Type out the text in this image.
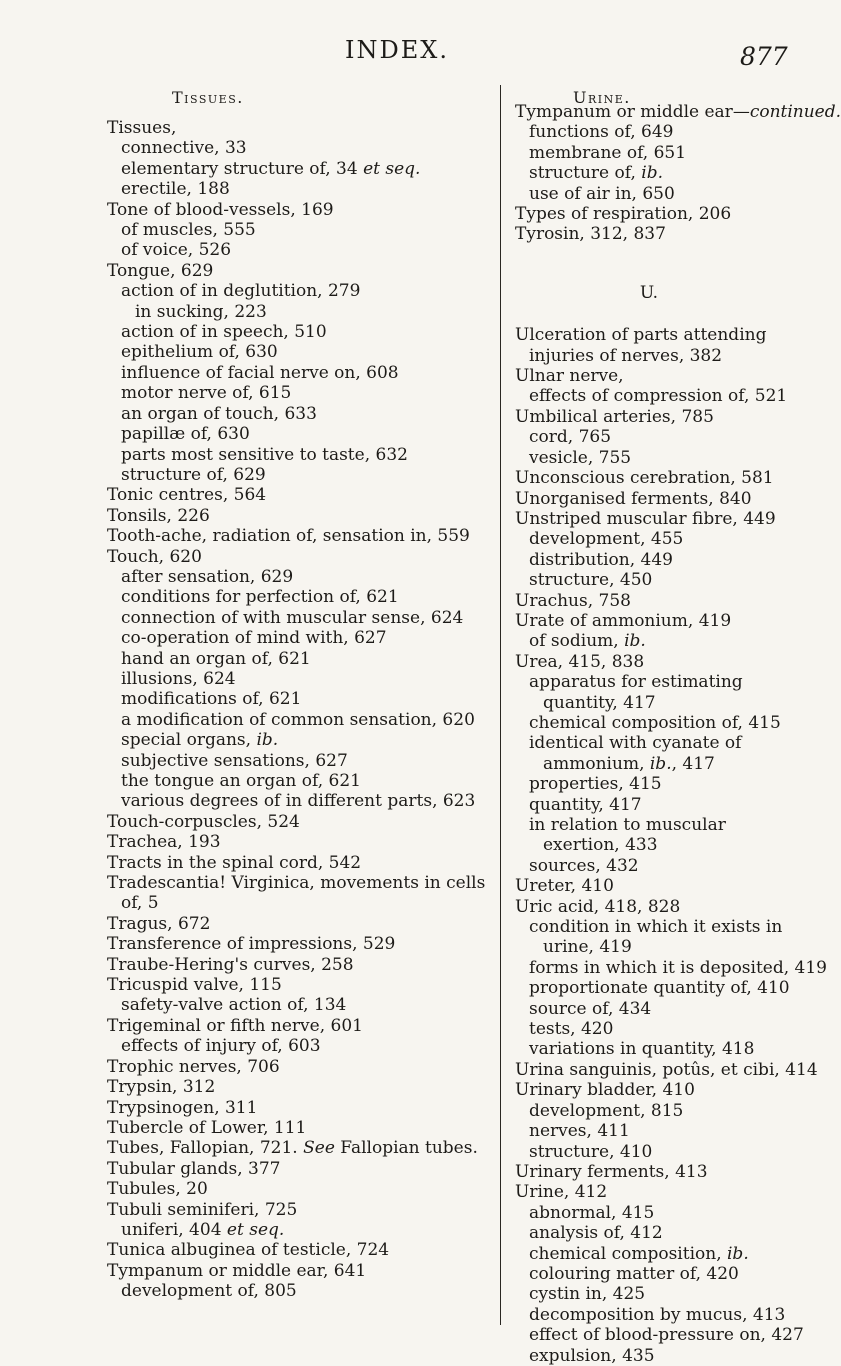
INDEX.	877
Tissues.	Urine.

Tissues,

connective, 33

elementary structure of, 34 et seq.

erectile, 188

Tone of blood-vessels, 169

of muscles, 555

of voice, 526

Tongue, 629

action of in deglutition, 279

in sucking, 223

action of in speech, 510

epithelium of, 630

influence of facial nerve on, 608

motor nerve of, 615

an organ of touch, 633

papillæ of, 630

parts most sensitive to taste, 632

structure of, 629

Tonic centres, 564

Tonsils, 226

Tooth-ache, radiation of, sensation in, 559

Touch, 620

after sensation, 629

conditions for perfection of, 621

connection of with muscular sense, 624

co-operation of mind with, 627

hand an organ of, 621

illusions, 624

modifications of, 621

a modification of common sensation, 620

special organs, ib.

subjective sensations, 627

the tongue an organ of, 621

various degrees of in different parts, 623

Touch-corpuscles, 524

Trachea, 193

Tracts in the spinal cord, 542

Tradescantia! Virginica, movements in cells of, 5

Tragus, 672

Transference of impressions, 529

Traube-Hering's curves, 258

Tricuspid valve, 115

safety-valve action of, 134

Trigeminal or fifth nerve, 601

effects of injury of, 603

Trophic nerves, 706

Trypsin, 312

Trypsinogen, 311

Tubercle of Lower, 111

Tubes, Fallopian, 721. See Fallopian tubes.

Tubular glands, 377

Tubules, 20

Tubuli seminiferi, 725

uniferi, 404 et seq.

Tunica albuginea of testicle, 724

Tympanum or middle ear, 641

development of, 805

Tympanum or middle ear—continued.

functions of, 649

membrane of, 651

structure of, ib.

use of air in, 650

Types of respiration, 206

Tyrosin, 312, 837

U.

Ulceration of parts attending injuries of nerves, 382

Ulnar nerve,

effects of compression of, 521

Umbilical arteries, 785

cord, 765

vesicle, 755

Unconscious cerebration, 581

Unorganised ferments, 840

Unstriped muscular fibre, 449

development, 455

distribution, 449

structure, 450

Urachus, 758

Urate of ammonium, 419

of sodium, ib.

Urea, 415, 838

apparatus for estimating quantity, 417

chemical composition of, 415

identical with cyanate of ammonium, ib., 417

properties, 415

quantity, 417

in relation to muscular exertion, 433

sources, 432

Ureter, 410

Uric acid, 418, 828

condition in which it exists in urine, 419

forms in which it is deposited, 419

proportionate quantity of, 410

source of, 434

tests, 420

variations in quantity, 418

Urina sanguinis, potûs, et cibi, 414

Urinary bladder, 410

development, 815

nerves, 411

structure, 410

Urinary ferments, 413

Urine, 412

abnormal, 415

analysis of, 412

chemical composition, ib.

colouring matter of, 420

cystin in, 425

decomposition by mucus, 413

effect of blood-pressure on, 427

expulsion, 435
